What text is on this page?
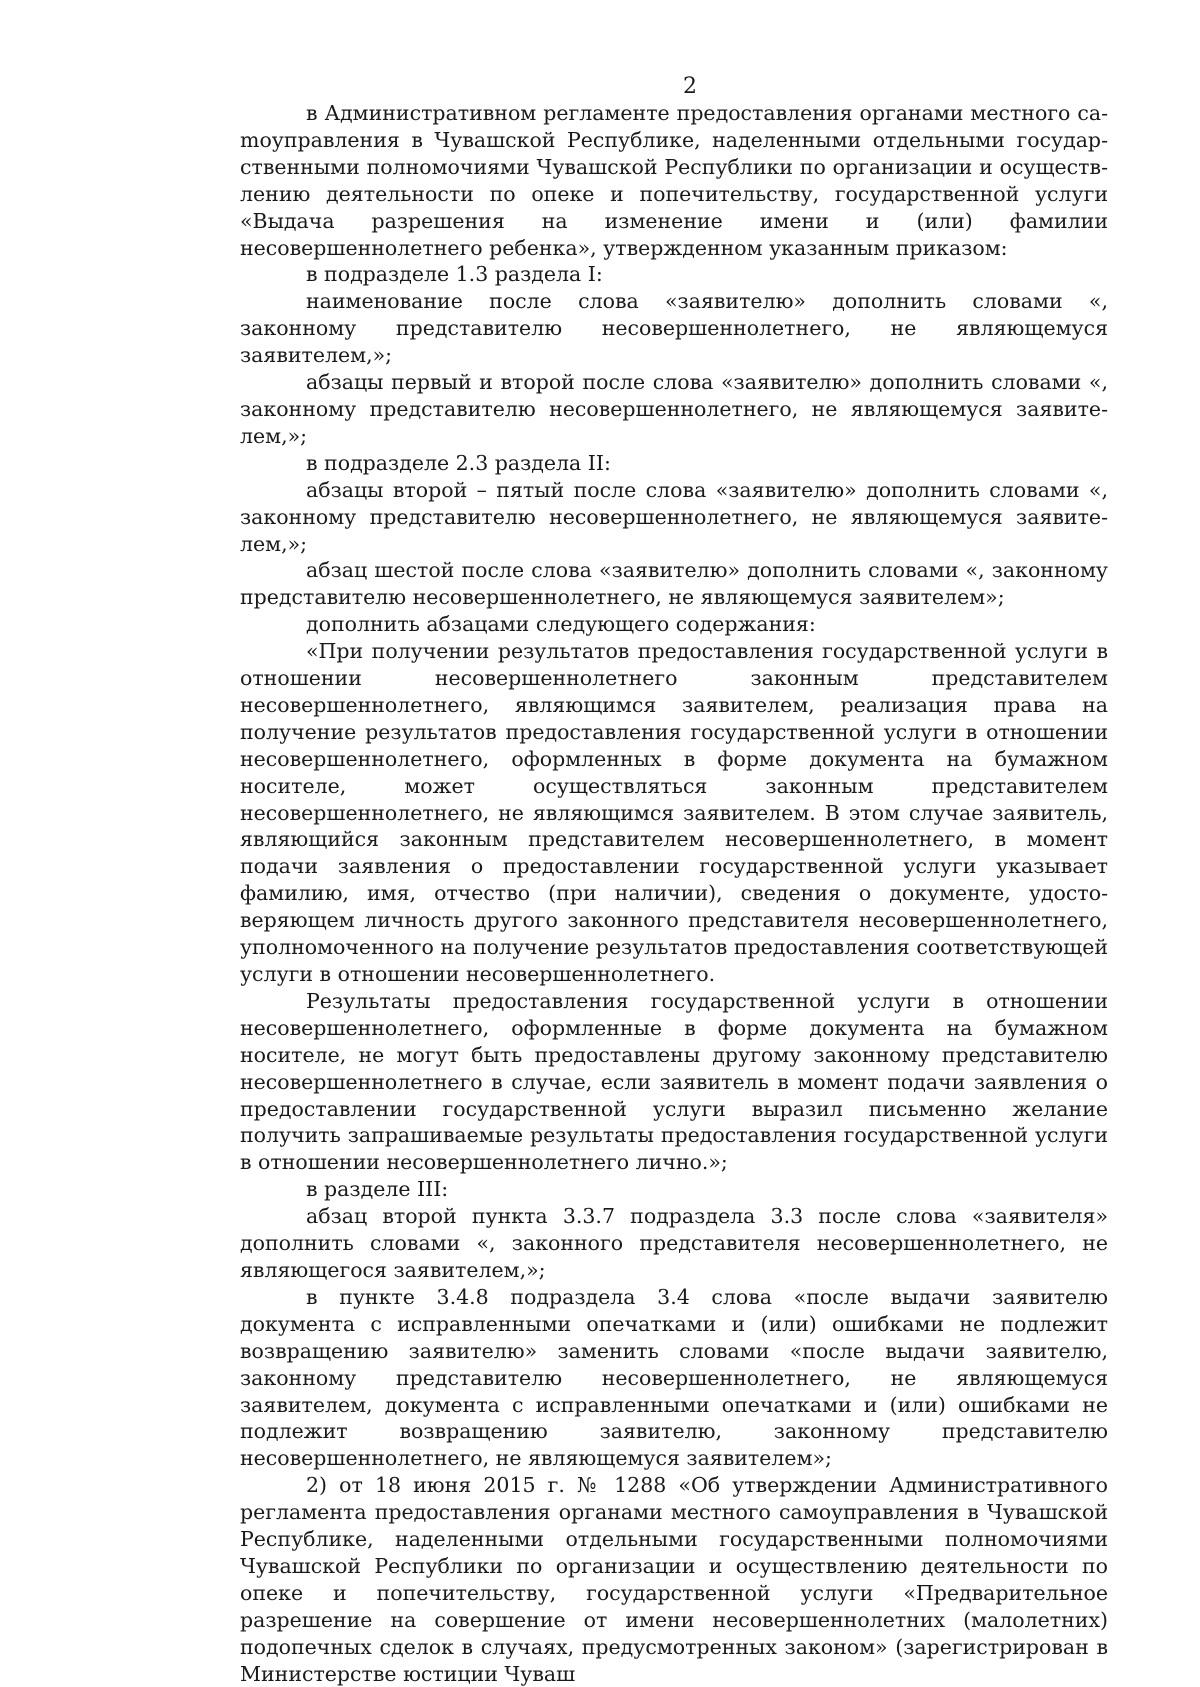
2

в Административном регламенте предоставления органами местного саmоуправления в Чувашской Республике, наделенными отдельными государственными полномочиями Чувашской Республики по организации и осуществлению деятельности по опеке и попечительству, государственной услуги «Выдача разрешения на изменение имени и (или) фамилии несовершеннолетнего ребенка», утвержденном указанным приказом:

в подразделе 1.3 раздела I:

наименование после слова «заявителю» дополнить словами «, законному представителю несовершеннолетнего, не являющемуся заявителем,»;

абзацы первый и второй после слова «заявителю» дополнить словами «, законному представителю несовершеннолетнего, не являющемуся заявителем,»;

в подразделе 2.3 раздела II:

абзацы второй – пятый после слова «заявителю» дополнить словами «, законному представителю несовершеннолетнего, не являющемуся заявителем,»;

абзац шестой после слова «заявителю» дополнить словами «, законному представителю несовершеннолетнего, не являющемуся заявителем»;

дополнить абзацами следующего содержания:

«При получении результатов предоставления государственной услуги в отношении несовершеннолетнего законным представителем несовершеннолетнего, являющимся заявителем, реализация права на получение результатов предоставления государственной услуги в отношении несовершеннолетнего, оформленных в форме документа на бумажном носителе, может осуществляться законным представителем несовершеннолетнего, не являющимся заявителем. В этом случае заявитель, являющийся законным представителем несовершеннолетнего, в момент подачи заявления о предоставлении государственной услуги указывает фамилию, имя, отчество (при наличии), сведения о документе, удостоверяющем личность другого законного представителя несовершеннолетнего, уполномоченного на получение результатов предоставления соответствующей услуги в отношении несовершеннолетнего.

Результаты предоставления государственной услуги в отношении несовершеннолетнего, оформленные в форме документа на бумажном носителе, не могут быть предоставлены другому законному представителю несовершеннолетнего в случае, если заявитель в момент подачи заявления о предоставлении государственной услуги выразил письменно желание получить запрашиваемые результаты предоставления государственной услуги в отношении несовершеннолетнего лично.»;

в разделе III:

абзац второй пункта 3.3.7 подраздела 3.3 после слова «заявителя» дополнить словами «, законного представителя несовершеннолетнего, не являющегося заявителем,»;

в пункте 3.4.8 подраздела 3.4 слова «после выдачи заявителю документа с исправленными опечатками и (или) ошибками не подлежит возвращению заявителю» заменить словами «после выдачи заявителю, законному представителю несовершеннолетнего, не являющемуся заявителем, документа с исправленными опечатками и (или) ошибками не подлежит возвращению заявителю, законному представителю несовершеннолетнего, не являющемуся заявителем»;

2) от 18 июня 2015 г. № 1288 «Об утверждении Административного регламента предоставления органами местного самоуправления в Чувашской Республике, наделенными отдельными государственными полномочиями Чувашской Республики по организации и осуществлению деятельности по опеке и попечительству, государственной услуги «Предварительное разрешение на совершение от имени несовершеннолетних (малолетних) подопечных сделок в случаях, предусмотренных законом» (зарегистрирован в Министерстве юстиции Чуваш
